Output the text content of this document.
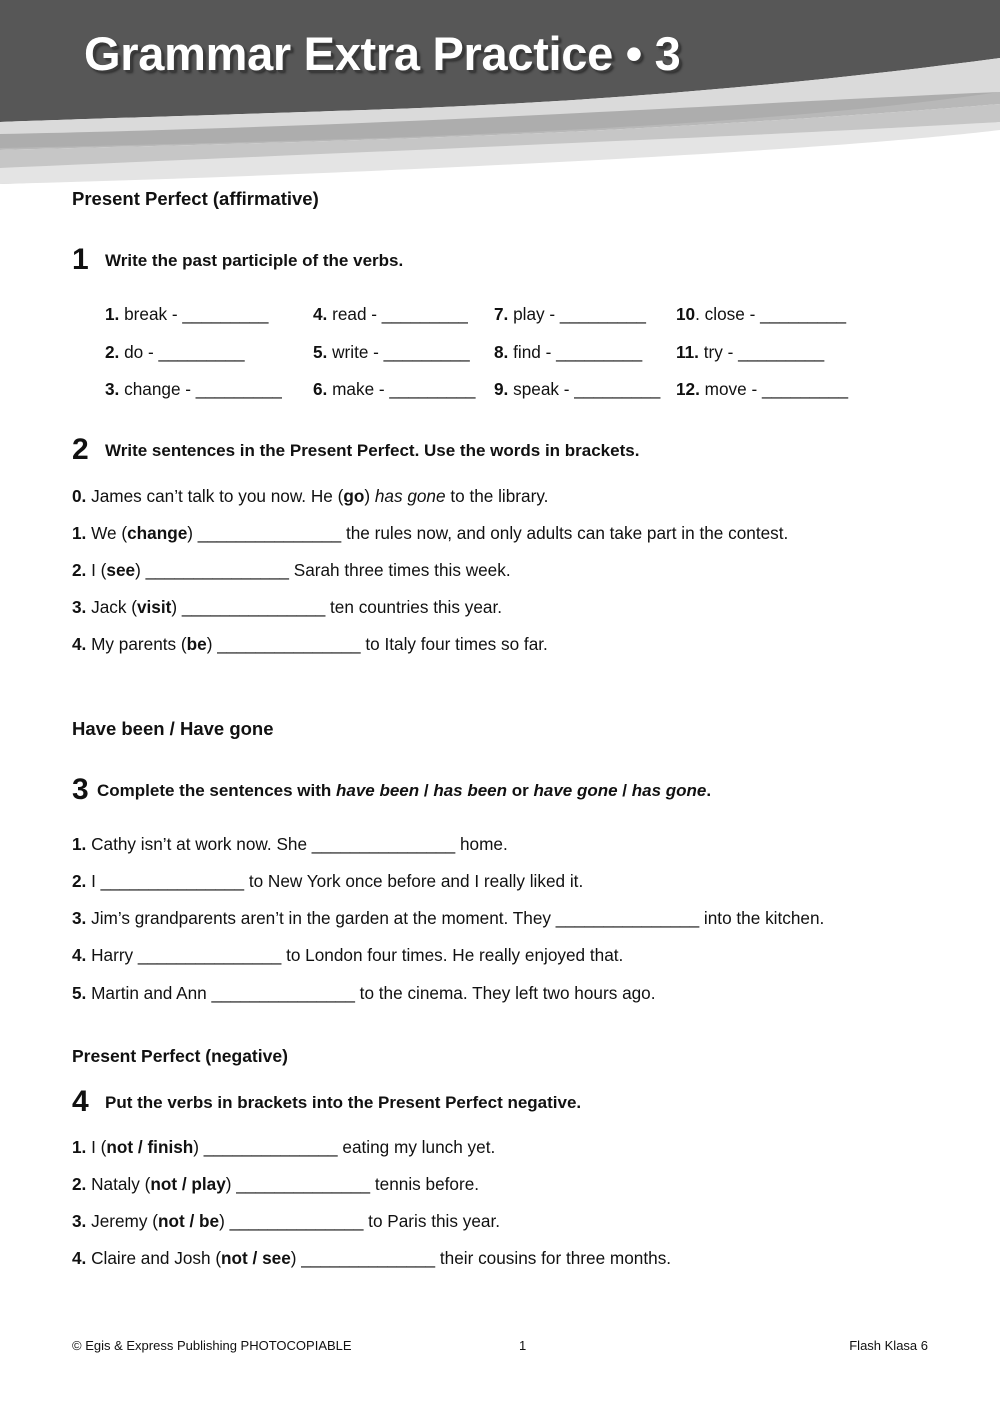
Grammar Extra Practice • 3
Present Perfect (affirmative)
1 Write the past participle of the verbs.
1. break - _________	4. read - _________ 7. play - _________ 10. close - _________
2. do - _________	5. write - _________ 8. find - _________ 11. try - _________
3. change - _________ 6. make - _________ 9. speak - _________ 12. move - _________
2 Write sentences in the Present Perfect. Use the words in brackets.
0. James can’t talk to you now. He (go) has gone to the library.
1. We (change) _______________ the rules now, and only adults can take part in the contest.
2. I (see) _______________ Sarah three times this week.
3. Jack (visit) _______________ ten countries this year.
4. My parents (be) _______________ to Italy four times so far.
Have been / Have gone
3 Complete the sentences with have been / has been or have gone / has gone.
1. Cathy isn’t at work now. She _______________ home.
2. I _______________ to New York once before and I really liked it.
3. Jim’s grandparents aren’t in the garden at the moment. They _______________ into the kitchen.
4. Harry _______________ to London four times. He really enjoyed that.
5. Martin and Ann _______________ to the cinema. They left two hours ago.
Present Perfect (negative)
4 Put the verbs in brackets into the Present Perfect negative.
1. I (not / finish) ______________ eating my lunch yet.
2. Nataly (not / play) ______________ tennis before.
3. Jeremy (not / be) ______________ to Paris this year.
4. Claire and Josh (not / see) ______________ their cousins for three months.
© Egis & Express Publishing PHOTOCOPIABLE	1	Flash Klasa 6
